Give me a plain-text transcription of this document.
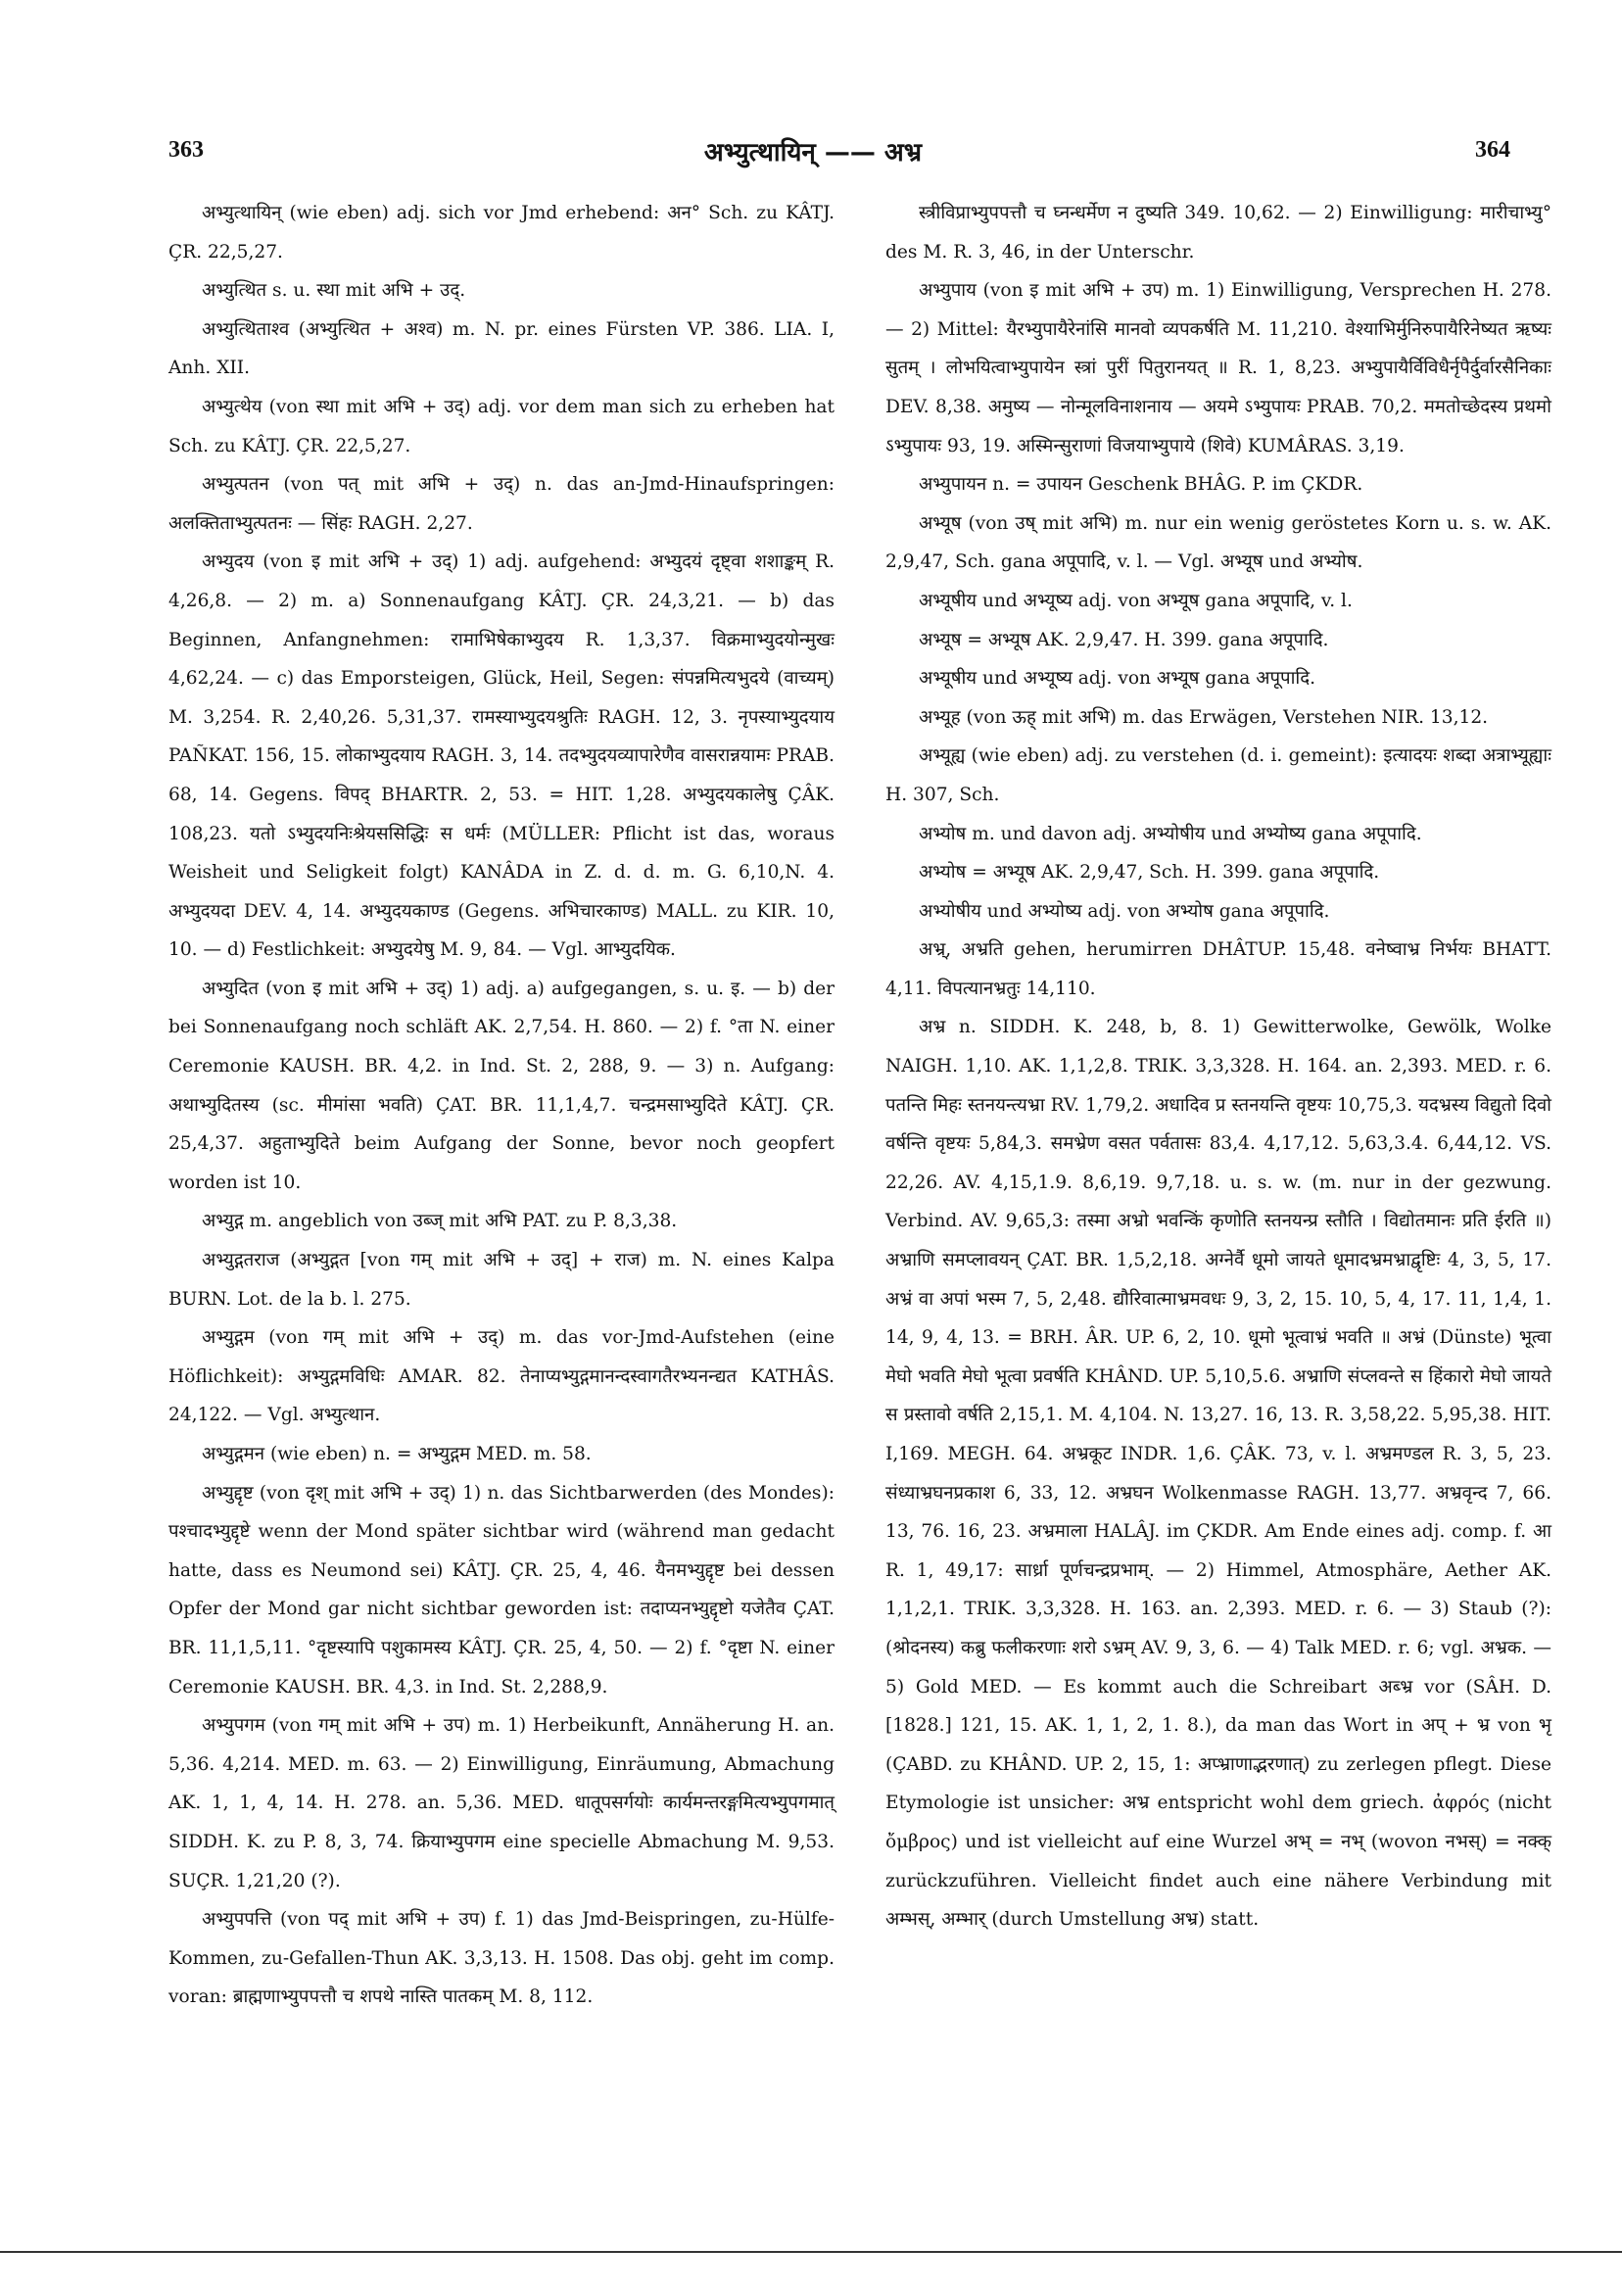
363	अभ्युत्थायिन् —— अभ्र	364

अभ्युत्थायिन् (wie eben) adj. sich vor Jmd erhebend: अन° Sch. zu KÂTJ. ÇR. 22,5,27.

अभ्युत्थित s. u. स्था mit अभि + उद्.

अभ्युत्थिताश्व (अभ्युत्थित + अश्व) m. N. pr. eines Fürsten VP. 386. LIA. I, Anh. XII.

अभ्युत्थेय (von स्था mit अभि + उद्) adj. vor dem man sich zu erheben hat Sch. zu KÂTJ. ÇR. 22,5,27.

अभ्युत्पतन (von पत् mit अभि + उद्) n. das an-Jmd-Hinaufspringen: अलक्तिताभ्युत्पतनः — सिंहः RAGH. 2,27.

अभ्युदय (von इ mit अभि + उद्) 1) adj. aufgehend: अभ्युदयं दृष्ट्वा शशाङ्कम् R. 4,26,8. — 2) m. a) Sonnenaufgang KÂTJ. ÇR. 24,3,21. — b) das Beginnen, Anfangnehmen: रामाभिषेकाभ्युदय R. 1,3,37. विक्रमाभ्युदयोन्मुखः 4,62,24. — c) das Emporsteigen, Glück, Heil, Segen: संपन्नमित्यभुदये (वाच्यम्) M. 3,254. R. 2,40,26. 5,31,37. रामस्याभ्युदयश्रुतिः RAGH. 12, 3. नृपस्याभ्युदयाय PAÑKAT. 156, 15. लोकाभ्युदयाय RAGH. 3, 14. तदभ्युदयव्यापारेणैव वासरान्नयामः PRAB. 68, 14. Gegens. विपद् BHARTR. 2, 53. = HIT. 1,28. अभ्युदयकालेषु ÇÂK. 108,23. यतो ऽभ्युदयनिःश्रेयससिद्धिः स धर्मः (MÜLLER: Pflicht ist das, woraus Weisheit und Seligkeit folgt) KANÂDA in Z. d. d. m. G. 6,10,N. 4. अभ्युदयदा DEV. 4, 14. अभ्युदयकाण्ड (Gegens. अभिचारकाण्ड) MALL. zu KIR. 10, 10. — d) Festlichkeit: अभ्युदयेषु M. 9, 84. — Vgl. आभ्युदयिक.

अभ्युदित (von इ mit अभि + उद्) 1) adj. a) aufgegangen, s. u. इ. — b) der bei Sonnenaufgang noch schläft AK. 2,7,54. H. 860. — 2) f. °ता N. einer Ceremonie KAUSH. BR. 4,2. in Ind. St. 2, 288, 9. — 3) n. Aufgang: अथाभ्युदितस्य (sc. मीमांसा भवति) ÇAT. BR. 11,1,4,7. चन्द्रमसाभ्युदिते KÂTJ. ÇR. 25,4,37. अहुताभ्युदिते beim Aufgang der Sonne, bevor noch geopfert worden ist 10.

अभ्युद्ग m. angeblich von उब्ज् mit अभि PAT. zu P. 8,3,38.

अभ्युद्गतराज (अभ्युद्गत [von गम् mit अभि + उद्] + राज) m. N. eines Kalpa BURN. Lot. de la b. l. 275.

अभ्युद्गम (von गम् mit अभि + उद्) m. das vor-Jmd-Aufstehen (eine Höflichkeit): अभ्युद्गमविधिः AMAR. 82. तेनाप्यभ्युद्गमानन्दस्वागतैरभ्यनन्द्यत KATHÂS. 24,122. — Vgl. अभ्युत्थान.

अभ्युद्गमन (wie eben) n. = अभ्युद्गम MED. m. 58.

अभ्युद्दृष्ट (von दृश् mit अभि + उद्) 1) n. das Sichtbarwerden (des Mondes): पश्चादभ्युद्दृष्टे wenn der Mond später sichtbar wird (während man gedacht hatte, dass es Neumond sei) KÂTJ. ÇR. 25, 4, 46. यैनमभ्युद्दृष्ट bei dessen Opfer der Mond gar nicht sichtbar geworden ist: तदाप्यनभ्युद्दृष्टो यजेतैव ÇAT. BR. 11,1,5,11. °दृष्टस्यापि पशुकामस्य KÂTJ. ÇR. 25, 4, 50. — 2) f. °दृष्टा N. einer Ceremonie KAUSH. BR. 4,3. in Ind. St. 2,288,9.

अभ्युपगम (von गम् mit अभि + उप) m. 1) Herbeikunft, Annäherung H. an. 5,36. 4,214. MED. m. 63. — 2) Einwilligung, Einräumung, Abmachung AK. 1, 1, 4, 14. H. 278. an. 5,36. MED. धातूपसर्गयोः कार्यमन्तरङ्गमित्यभ्युपगमात् SIDDH. K. zu P. 8, 3, 74. क्रियाभ्युपगम eine specielle Abmachung M. 9,53. SUÇR. 1,21,20 (?).

अभ्युपपत्ति (von पद् mit अभि + उप) f. 1) das Jmd-Beispringen, zu-Hülfe-Kommen, zu-Gefallen-Thun AK. 3,3,13. H. 1508. Das obj. geht im comp. voran: ब्राह्मणाभ्युपपत्तौ च शपथे नास्ति पातकम् M. 8, 112.

स्त्रीविप्राभ्युपपत्तौ च घ्नन्धर्मेण न दुष्यति 349. 10,62. — 2) Einwilligung: मारीचाभ्यु° des M. R. 3, 46, in der Unterschr.

अभ्युपाय (von इ mit अभि + उप) m. 1) Einwilligung, Versprechen H. 278. — 2) Mittel: यैरभ्युपायैरेनांसि मानवो व्यपकर्षति M. 11,210. वेश्याभिर्मुनिरुपायैरिनेष्यत ऋष्यः सुतम् । लोभयित्वाभ्युपायेन स्त्रां पुरीं पितुरानयत् ॥ R. 1, 8,23. अभ्युपायैर्विविधैर्नृपैर्दुर्वारसैनिकाः DEV. 8,38. अमुष्य — नोन्मूलविनाशनाय — अयमे ऽभ्युपायः PRAB. 70,2. ममतोच्छेदस्य प्रथमो ऽभ्युपायः 93, 19. अस्मिन्सुराणां विजयाभ्युपाये (शिवे) KUMÂRAS. 3,19.

अभ्युपायन n. = उपायन Geschenk BHÂG. P. im ÇKDR.

अभ्यूष (von उष् mit अभि) m. nur ein wenig geröstetes Korn u. s. w. AK. 2,9,47, Sch. gana अपूपादि, v. l. — Vgl. अभ्यूष und अभ्योष.

अभ्यूषीय und अभ्यूष्य adj. von अभ्यूष gana अपूपादि, v. l.

अभ्यूष = अभ्यूष AK. 2,9,47. H. 399. gana अपूपादि.

अभ्यूषीय und अभ्यूष्य adj. von अभ्यूष gana अपूपादि.

अभ्यूह (von ऊह् mit अभि) m. das Erwägen, Verstehen NIR. 13,12.

अभ्यूह्य (wie eben) adj. zu verstehen (d. i. gemeint): इत्यादयः शब्दा अत्राभ्यूह्याः H. 307, Sch.

अभ्योष m. und davon adj. अभ्योषीय und अभ्योष्य gana अपूपादि.

अभ्योष = अभ्यूष AK. 2,9,47, Sch. H. 399. gana अपूपादि.

अभ्योषीय und अभ्योष्य adj. von अभ्योष gana अपूपादि.

अभ्र्, अभ्रति gehen, herumirren DHÂTUP. 15,48. वनेष्वाभ्र निर्भयः BHATT. 4,11. विपत्यानभ्रतुः 14,110.

अभ्र n. SIDDH. K. 248, b, 8. 1) Gewitterwolke, Gewölk, Wolke NAIGH. 1,10. AK. 1,1,2,8. TRIK. 3,3,328. H. 164. an. 2,393. MED. r. 6. पतन्ति मिहः स्तनयन्त्यभ्रा RV. 1,79,2. अधादिव प्र स्तनयन्ति वृष्टयः 10,75,3. यदभ्रस्य विद्युतो दिवो वर्षन्ति वृष्टयः 5,84,3. समभ्रेण वसत पर्वतासः 83,4. 4,17,12. 5,63,3.4. 6,44,12. VS. 22,26. AV. 4,15,1.9. 8,6,19. 9,7,18. u. s. w. (m. nur in der gezwung. Verbind. AV. 9,65,3: तस्मा अभ्रो भवन्किं कृणोति स्तनयन्प्र स्तौति । विद्योतमानः प्रति ईरति ॥) अभ्राणि समप्लावयन् ÇAT. BR. 1,5,2,18. अग्नेर्वै धूमो जायते धूमादभ्रमभ्राद्वृष्टिः 4, 3, 5, 17. अभ्रं वा अपां भस्म 7, 5, 2,48. द्यौरिवात्माभ्रमवधः 9, 3, 2, 15. 10, 5, 4, 17. 11, 1,4, 1. 14, 9, 4, 13. = BRH. ÂR. UP. 6, 2, 10. धूमो भूत्वाभ्रं भवति ॥ अभ्रं (Dünste) भूत्वा मेघो भवति मेघो भूत्वा प्रवर्षति KHÂND. UP. 5,10,5.6. अभ्राणि संप्लवन्ते स हिंकारो मेघो जायते स प्रस्तावो वर्षति 2,15,1. M. 4,104. N. 13,27. 16, 13. R. 3,58,22. 5,95,38. HIT. I,169. MEGH. 64. अभ्रकूट INDR. 1,6. ÇÂK. 73, v. l. अभ्रमण्डल R. 3, 5, 23. संध्याभ्रघनप्रकाश 6, 33, 12. अभ्रघन Wolkenmasse RAGH. 13,77. अभ्रवृन्द 7, 66. 13, 76. 16, 23. अभ्रमाला HALÂJ. im ÇKDR. Am Ende eines adj. comp. f. आ R. 1, 49,17: सार्ध्रा पूर्णचन्द्रप्रभाम्. — 2) Himmel, Atmosphäre, Aether AK. 1,1,2,1. TRIK. 3,3,328. H. 163. an. 2,393. MED. r. 6. — 3) Staub (?): (श्रोदनस्य) कब्रु फलीकरणाः शरो ऽभ्रम् AV. 9, 3, 6. — 4) Talk MED. r. 6; vgl. अभ्रक. — 5) Gold MED. — Es kommt auch die Schreibart अब्भ्र vor (SÂH. D. [1828.] 121, 15. AK. 1, 1, 2, 1. 8.), da man das Wort in अप् + भ्र von भृ (ÇABD. zu KHÂND. UP. 2, 15, 1: अप्भ्राणाद्भरणात्) zu zerlegen pflegt. Diese Etymologie ist unsicher: अभ्र entspricht wohl dem griech. ἀφρός (nicht ὄμβρος) und ist vielleicht auf eine Wurzel अभ् = नभ् (wovon नभस्) = नक्क् zurückzuführen. Vielleicht findet auch eine nähere Verbindung mit अम्भस्, अम्भार् (durch Umstellung अभ्र) statt.
